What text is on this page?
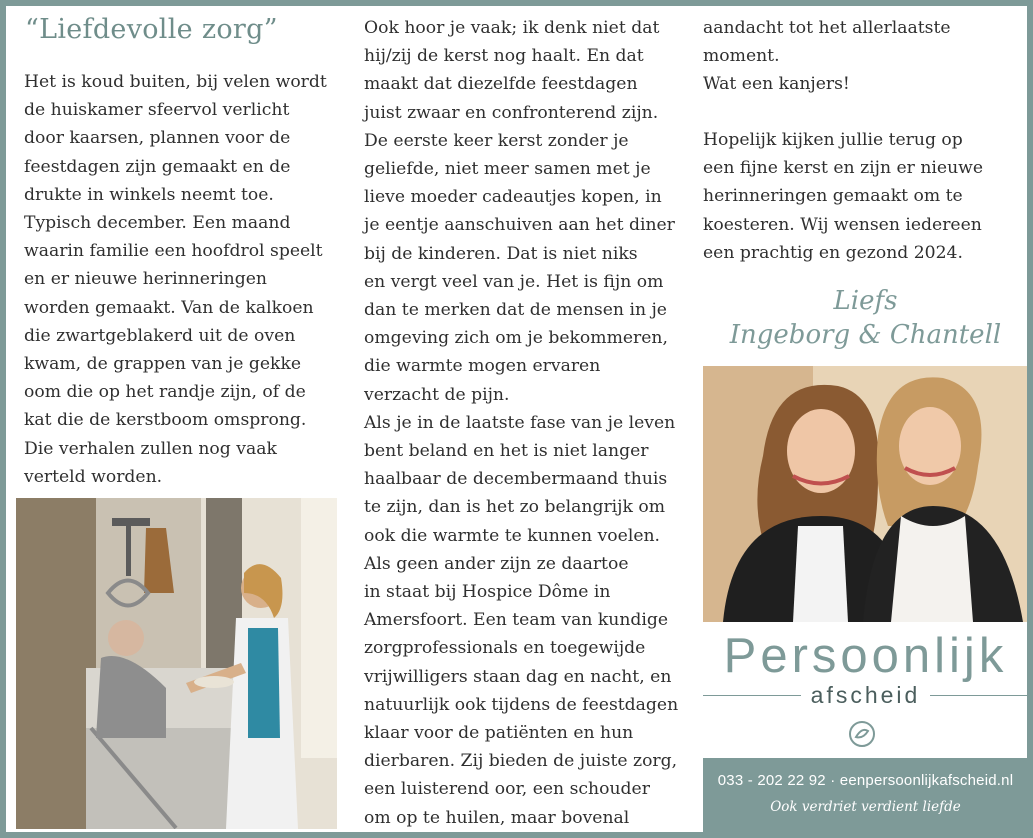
“Liefdevolle zorg”

Het is koud buiten, bij velen wordt
de huiskamer sfeervol verlicht
door kaarsen, plannen voor de
feestdagen zijn gemaakt en de
drukte in winkels neemt toe.
Typisch december. Een maand
waarin familie een hoofdrol speelt
en er nieuwe herinneringen
worden gemaakt. Van de kalkoen
die zwartgeblakerd uit de oven
kwam, de grappen van je gekke
oom die op het randje zijn, of de
kat die de kerstboom omsprong.
Die verhalen zullen nog vaak
verteld worden.

Ook hoor je vaak; ik denk niet dat
hij/zij de kerst nog haalt. En dat
maakt dat diezelfde feestdagen
juist zwaar en confronterend zijn.
De eerste keer kerst zonder je
geliefde, niet meer samen met je
lieve moeder cadeautjes kopen, in
je eentje aanschuiven aan het diner
bij de kinderen. Dat is niet niks
en vergt veel van je. Het is fijn om
dan te merken dat de mensen in je
omgeving zich om je bekommeren,
die warmte mogen ervaren
verzacht de pijn.
Als je in de laatste fase van je leven
bent beland en het is niet langer
haalbaar de decembermaand thuis
te zijn, dan is het zo belangrijk om
ook die warmte te kunnen voelen.
Als geen ander zijn ze daartoe
in staat bij Hospice Dôme in
Amersfoort. Een team van kundige
zorgprofessionals en toegewijde
vrijwilligers staan dag en nacht, en
natuurlijk ook tijdens de feestdagen
klaar voor de patiënten en hun
dierbaren. Zij bieden de juiste zorg,
een luisterend oor, een schouder
om op te huilen, maar bovenal

aandacht tot het allerlaatste
moment.
Wat een kanjers!

Hopelijk kijken jullie terug op
een fijne kerst en zijn er nieuwe
herinneringen gemaakt om te
koesteren. Wij wensen iedereen
een prachtig en gezond 2024.

Liefs
Ingeborg & Chantell
Persoonlijk
afscheid
033 - 202 22 92 · eenpersoonlijkafscheid.nl
Ook verdriet verdient liefde
